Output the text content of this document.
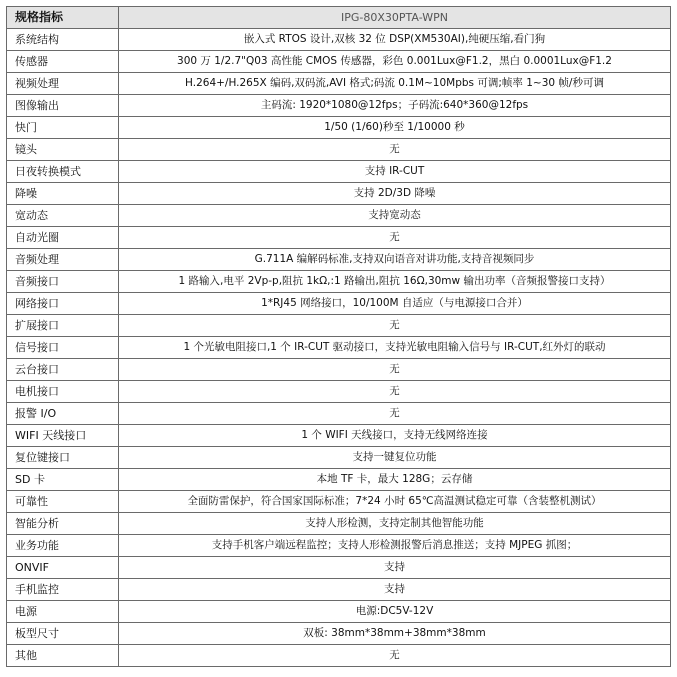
规格指标	IPG-80X30PTA-WPN
系统结构	嵌入式 RTOS 设计,双核 32 位 DSP(XM530AI),纯硬压缩,看门狗
传感器	300 万 1/2.7"Q03 高性能 CMOS 传感器，彩色 0.001Lux@F1.2，黑白 0.0001Lux@F1.2
视频处理	H.264+/H.265X 编码,双码流,AVI 格式;码流 0.1M~10Mpbs 可调;帧率 1~30 帧/秒可调
图像输出	主码流: 1920*1080@12fps；子码流:640*360@12fps
快门	1/50 (1/60)秒至 1/10000 秒
镜头	无
日夜转换模式	支持 IR-CUT
降噪	支持 2D/3D 降噪
宽动态	支持宽动态
自动光圈	无
音频处理	G.711A 编解码标准,支持双向语音对讲功能,支持音视频同步
音频接口	1 路输入,电平 2Vp-p,阻抗 1kΩ,:1 路输出,阻抗 16Ω,30mw 输出功率（音频报警接口支持）
网络接口	1*RJ45 网络接口，10/100M 自适应（与电源接口合并）
扩展接口	无
信号接口	1 个光敏电阻接口,1 个 IR-CUT 驱动接口，支持光敏电阻输入信号与 IR-CUT,红外灯的联动
云台接口	无
电机接口	无
报警 I/O	无
WIFI 天线接口	1 个 WIFI 天线接口，支持无线网络连接
复位键接口	支持一键复位功能
SD 卡	本地 TF 卡，最大 128G；云存储
可靠性	全面防雷保护，符合国家国际标准；7*24 小时 65℃高温测试稳定可靠（含装整机测试）
智能分析	支持人形检测，支持定制其他智能功能
业务功能	支持手机客户端远程监控；支持人形检测报警后消息推送；支持 MJPEG 抓图；
ONVIF	支持
手机监控	支持
电源	电源:DC5V-12V
板型尺寸	双板: 38mm*38mm+38mm*38mm
其他	无
